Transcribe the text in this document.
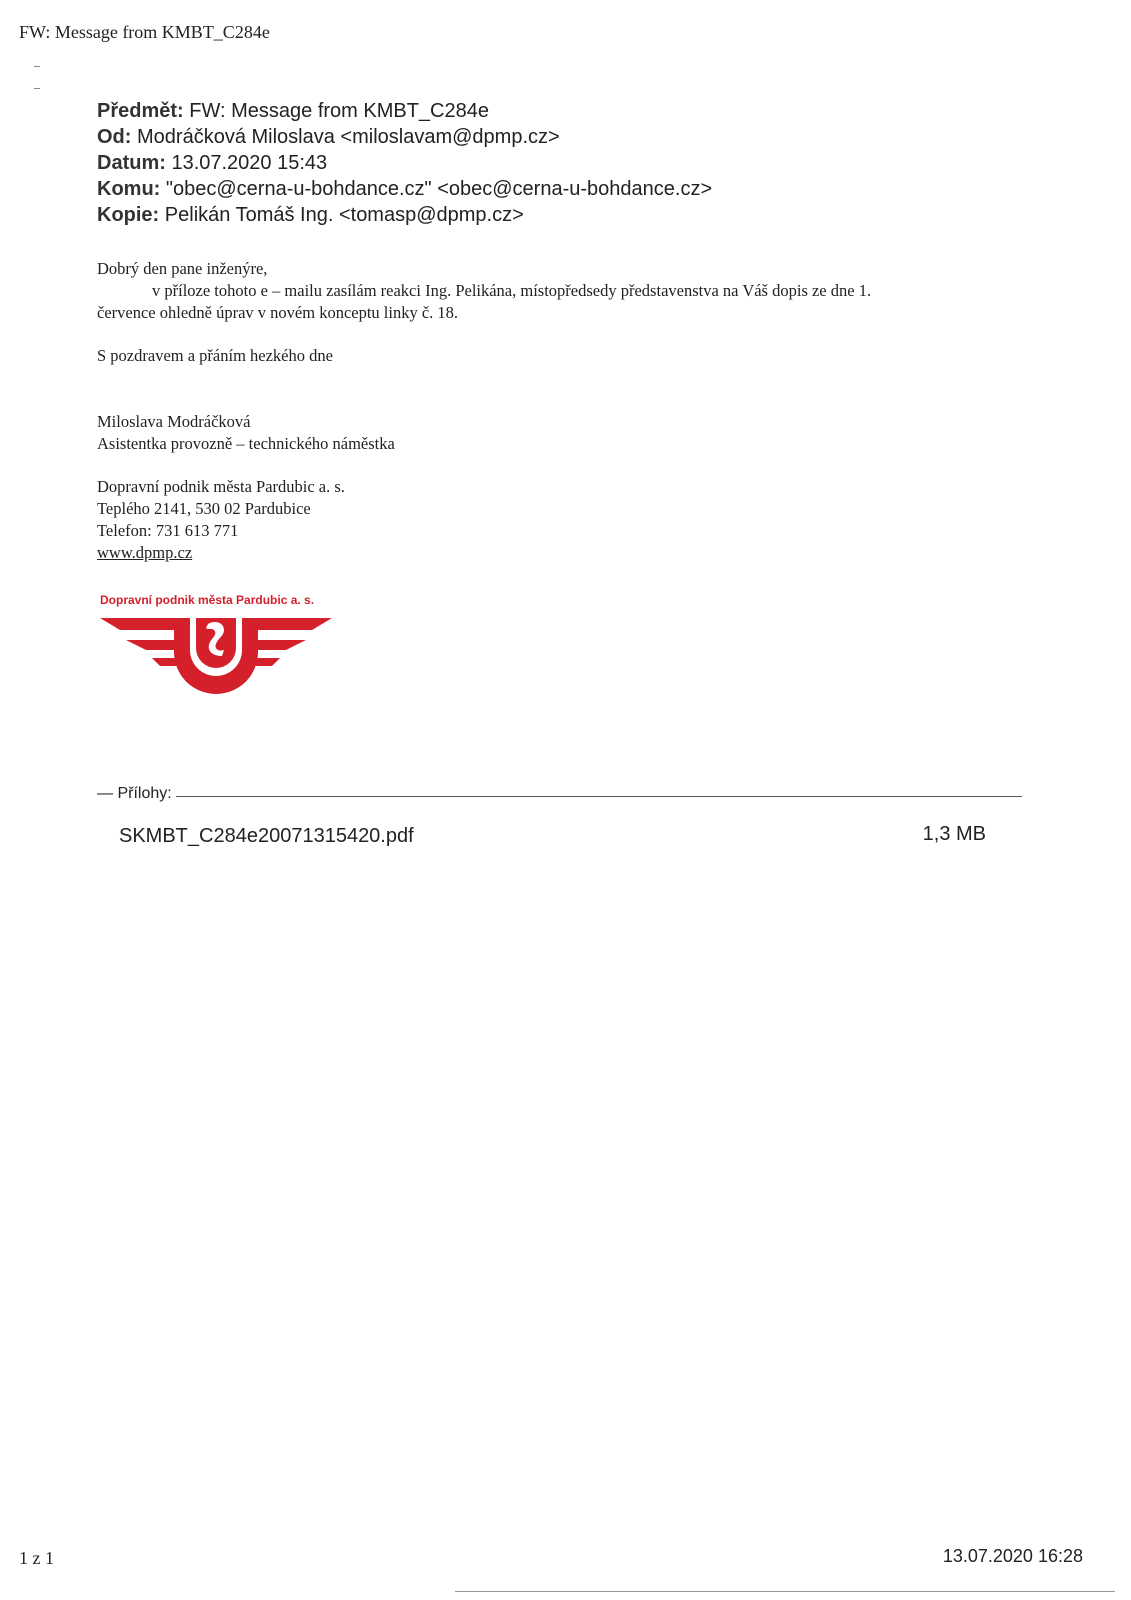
FW: Message from KMBT_C284e
Předmět: FW: Message from KMBT_C284e
Od: Modráčková Miloslava <miloslavam@dpmp.cz>
Datum: 13.07.2020 15:43
Komu: "obec@cerna-u-bohdance.cz" <obec@cerna-u-bohdance.cz>
Kopie: Pelikán Tomáš Ing. <tomasp@dpmp.cz>
Dobrý den pane inženýre,
v příloze tohoto e – mailu zasílám reakci Ing. Pelikána, místopředsedy představenstva na Váš dopis ze dne 1.
července ohledně úprav v novém konceptu linky č. 18.
S pozdravem a přáním hezkého dne
Miloslava Modráčková
Asistentka provozně – technického náměstka
Dopravní podnik města Pardubic a. s.
Teplého 2141, 530 02 Pardubice
Telefon: 731 613 771
www.dpmp.cz
Dopravní podnik města Pardubic a. s.
— Přílohy:
SKMBT_C284e20071315420.pdf	1,3 MB
1 z 1	13.07.2020 16:28
